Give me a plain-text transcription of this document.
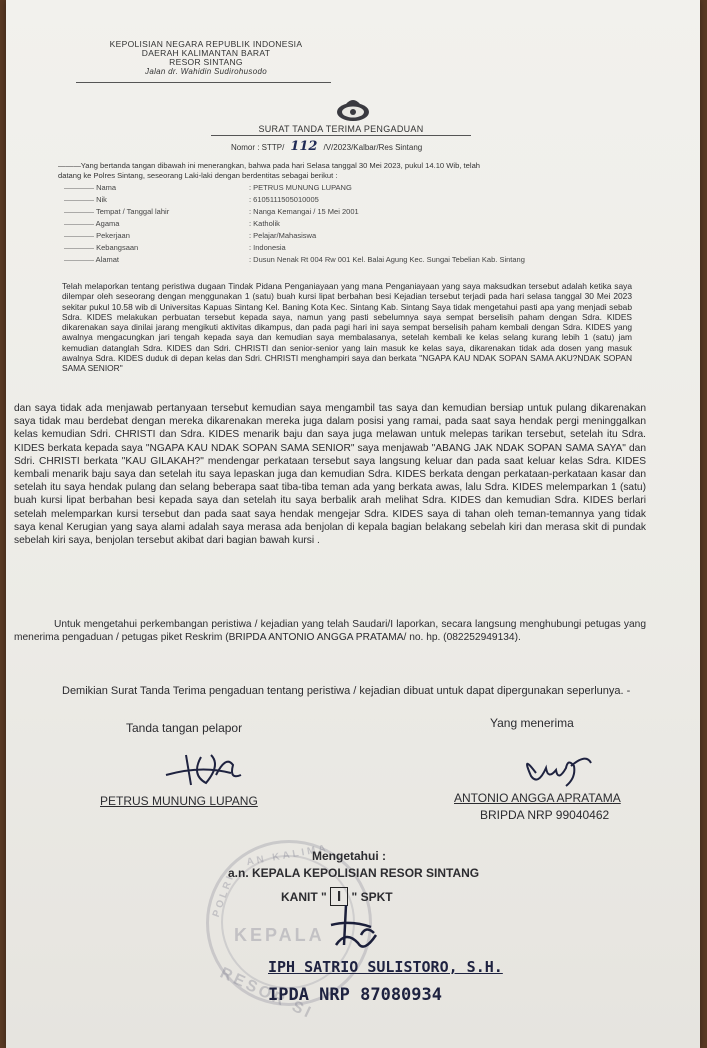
KEPOLISIAN NEGARA REPUBLIK INDONESIA
DAERAH KALIMANTAN BARAT
RESOR SINTANG
Jalan dr. Wahidin Sudirohusodo
SURAT TANDA TERIMA PENGADUAN
Nomor : STTP/ 112 /V/2023/Kalbar/Res Sintang
———Yang bertanda tangan dibawah ini menerangkan, bahwa pada hari Selasa tanggal 30 Mei 2023, pukul 14.10 Wib, telah
datang ke Polres Sintang, seseorang Laki-laki dengan berdentitas sebagai berikut :
———— Nama	: PETRUS MUNUNG LUPANG
———— Nik	: 6105111505010005
———— Tempat / Tanggal lahir	: Nanga Kemangai / 15 Mei 2001
———— Agama	: Katholik
———— Pekerjaan	: Pelajar/Mahasiswa
———— Kebangsaan	: Indonesia
———— Alamat	: Dusun Nenak Rt 004 Rw 001 Kel. Balai Agung Kec. Sungai Tebelian Kab. Sintang
Telah melaporkan tentang peristiwa dugaan Tindak Pidana Penganiayaan yang mana Penganiayaan yang saya maksudkan tersebut adalah ketika saya dilempar oleh seseorang dengan menggunakan 1 (satu) buah kursi lipat berbahan besi Kejadian tersebut terjadi pada hari selasa tanggal 30 Mei 2023 sekitar pukul 10.58 wib di Universitas Kapuas Sintang Kel. Baning Kota Kec. Sintang Kab. Sintang Saya tidak mengetahui pasti apa yang menjadi sebab Sdra. KIDES melakukan perbuatan tersebut kepada saya, namun yang pasti sebelumnya saya sempat berselisih paham dengan Sdra. KIDES dikarenakan saya dinilai jarang mengikuti aktivitas dikampus, dan pada pagi hari ini saya sempat berselisih paham kembali dengan Sdra. KIDES yang awalnya mengacungkan jari tengah kepada saya dan kemudian saya membalasanya, setelah kembali ke kelas selang kurang lebih 1 (satu) jam kemudian datanglah Sdra. KIDES dan Sdri. CHRISTI dan senior-senior yang lain masuk ke kelas saya, dikarenakan tidak ada dosen yang masuk awalnya Sdra. KIDES duduk di depan kelas dan Sdri. CHRISTI menghampiri saya dan berkata "NGAPA KAU NDAK SOPAN SAMA AKU?NDAK SOPAN SAMA SENIOR"
dan saya tidak ada menjawab pertanyaan tersebut kemudian saya mengambil tas saya dan kemudian bersiap untuk pulang dikarenakan saya tidak mau berdebat dengan mereka dikarenakan mereka juga dalam posisi yang ramai, pada saat saya hendak pergi meninggalkan kelas kemudian Sdri. CHRISTI dan Sdra. KIDES menarik baju dan saya juga melawan untuk melepas tarikan tersebut, setelah itu Sdra. KIDES berkata kepada saya "NGAPA KAU NDAK SOPAN SAMA SENIOR" saya menjawab "ABANG JAK NDAK SOPAN SAMA SAYA" dan Sdri. CHRISTI berkata "KAU GILAKAH?" mendengar perkataan tersebut saya langsung keluar dan pada saat keluar kelas Sdra. KIDES kembali menarik baju saya dan setelah itu saya lepaskan juga dan kemudian Sdra. KIDES berkata dengan perkataan-perkataan kasar dan setelah itu saya hendak pulang dan selang beberapa saat tiba-tiba teman ada yang berkata awas, lalu Sdra. KIDES melemparkan 1 (satu) buah kursi lipat berbahan besi kepada saya dan setelah itu saya berbalik arah melihat Sdra. KIDES dan kemudian Sdra. KIDES berlari setelah melemparkan kursi tersebut dan pada saat saya hendak mengejar Sdra. KIDES saya di tahan oleh teman-temannya yang tidak saya kenal Kerugian yang saya alami adalah saya merasa ada benjolan di kepala bagian belakang sebelah kiri dan merasa skit di pundak sebelah kiri saya, benjolan tersebut akibat dari bagian bawah kursi .
Untuk mengetahui perkembangan peristiwa / kejadian yang telah Saudari/I laporkan, secara langsung menghubungi petugas yang menerima pengaduan / petugas piket Reskrim (BRIPDA ANTONIO ANGGA PRATAMA/ no. hp. (082252949134).
Demikian Surat Tanda Terima pengaduan tentang peristiwa / kejadian dibuat untuk dapat dipergunakan seperlunya. -
Tanda tangan pelapor	Yang menerima
PETRUS MUNUNG LUPANG	ANTONIO ANGGA APRATAMA
BRIPDA NRP 99040462
KEPALA
RESOR SI
AN KALIMA
POLRI
Mengetahui :
a.n. KEPALA KEPOLISIAN RESOR SINTANG
KANIT " I " SPKT
IPH SATRIO SULISTORO, S.H.
IPDA NRP 87080934
